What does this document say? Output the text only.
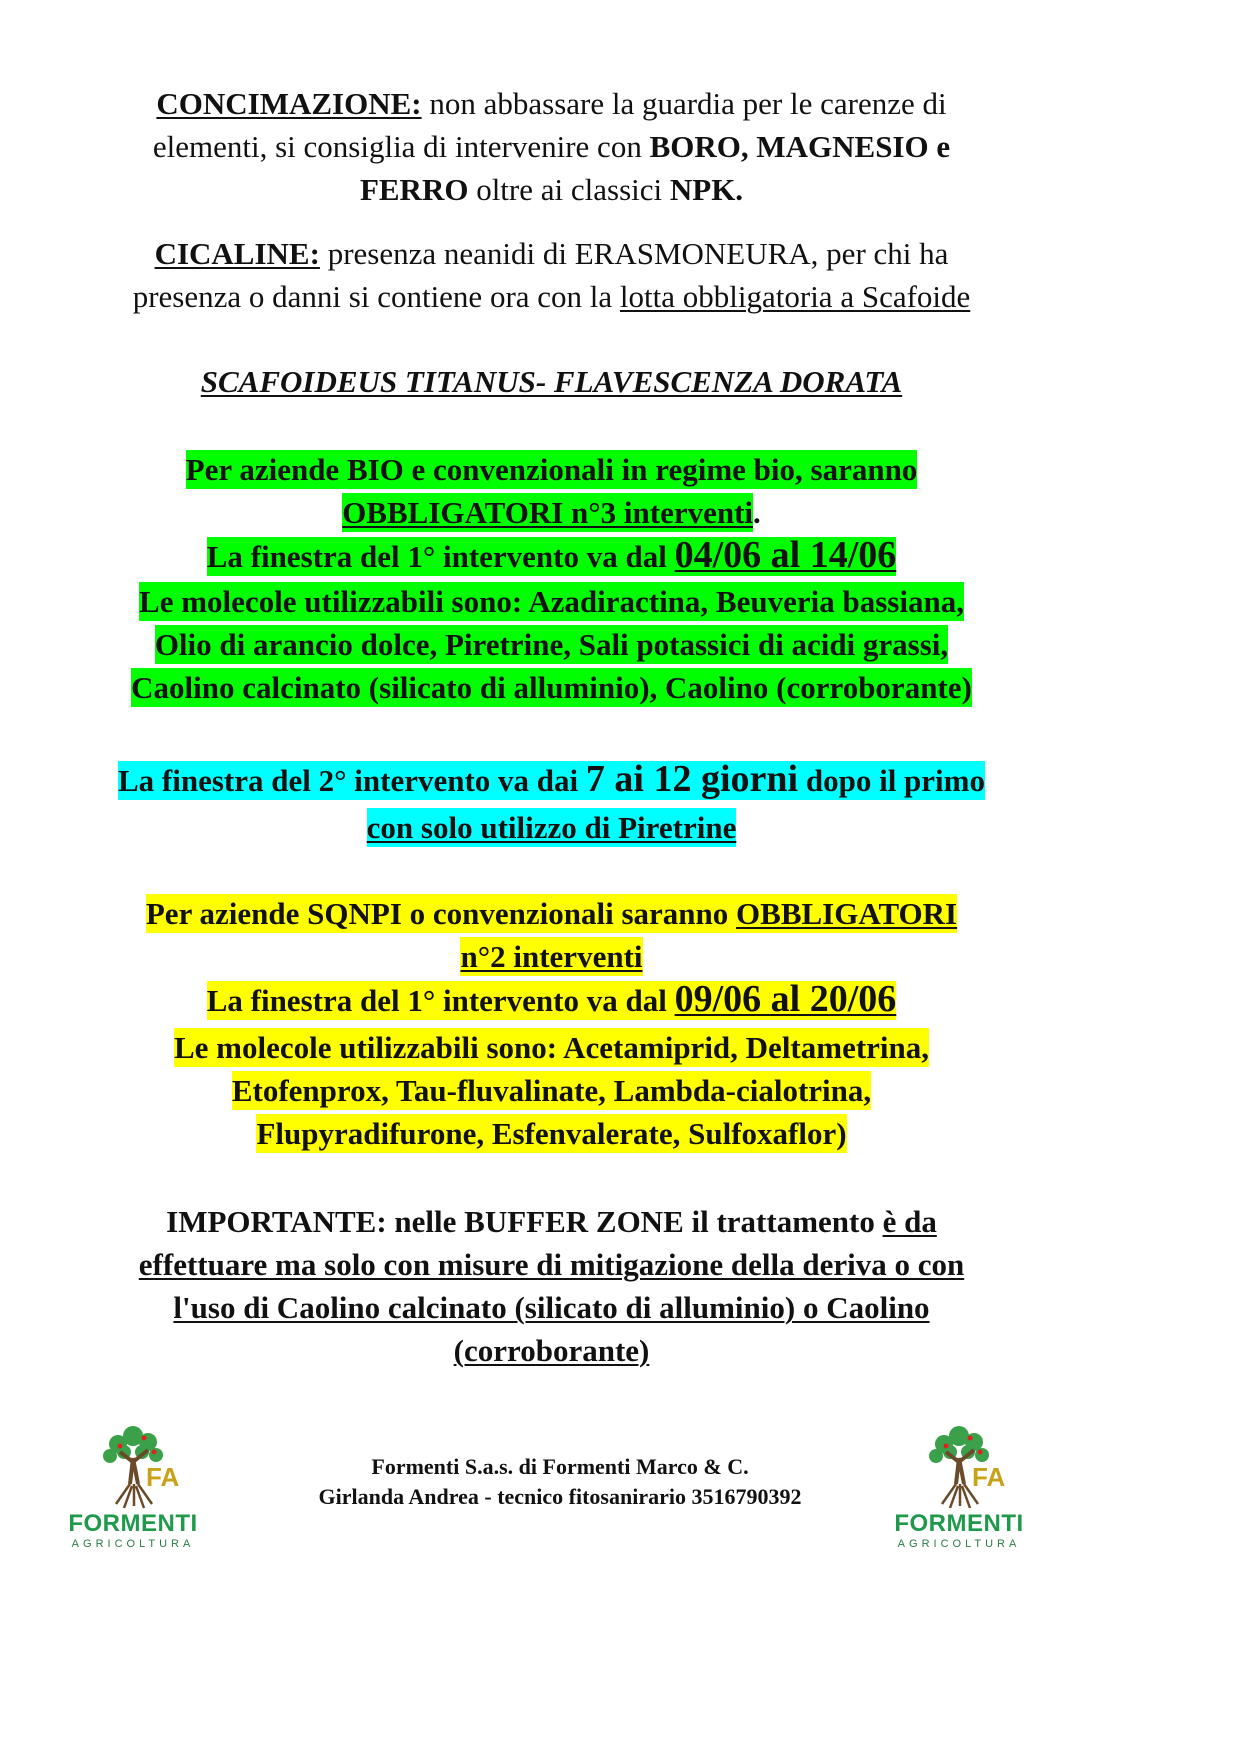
CONCIMAZIONE: non abbassare la guardia per le carenze di
elementi, si consiglia di intervenire con BORO, MAGNESIO e
FERRO oltre ai classici NPK.
CICALINE: presenza neanidi di ERASMONEURA, per chi ha
presenza o danni si contiene ora con la lotta obbligatoria a Scafoide
SCAFOIDEUS TITANUS- FLAVESCENZA DORATA
Per aziende BIO e convenzionali in regime bio, saranno
OBBLIGATORI n°3 interventi.
La finestra del 1° intervento va dal 04/06 al 14/06
Le molecole utilizzabili sono: Azadiractina, Beuveria bassiana,
Olio di arancio dolce, Piretrine, Sali potassici di acidi grassi,
Caolino calcinato (silicato di alluminio), Caolino (corroborante)
La finestra del 2° intervento va dai 7 ai 12 giorni dopo il primo
con solo utilizzo di Piretrine
Per aziende SQNPI o convenzionali saranno OBBLIGATORI
n°2 interventi
La finestra del 1° intervento va dal 09/06 al 20/06
Le molecole utilizzabili sono: Acetamiprid, Deltametrina,
Etofenprox, Tau-fluvalinate, Lambda-cialotrina,
Flupyradifurone, Esfenvalerate, Sulfoxaflor)
IMPORTANTE: nelle BUFFER ZONE il trattamento è da
effettuare ma solo con misure di mitigazione della deriva o con
l'uso di Caolino calcinato (silicato di alluminio) o Caolino
(corroborante)
Formenti S.a.s. di Formenti Marco & C.
Girlanda Andrea - tecnico fitosanirario 3516790392
FA
FORMENTI
AGRICOLTURA
FA
FORMENTI
AGRICOLTURA
